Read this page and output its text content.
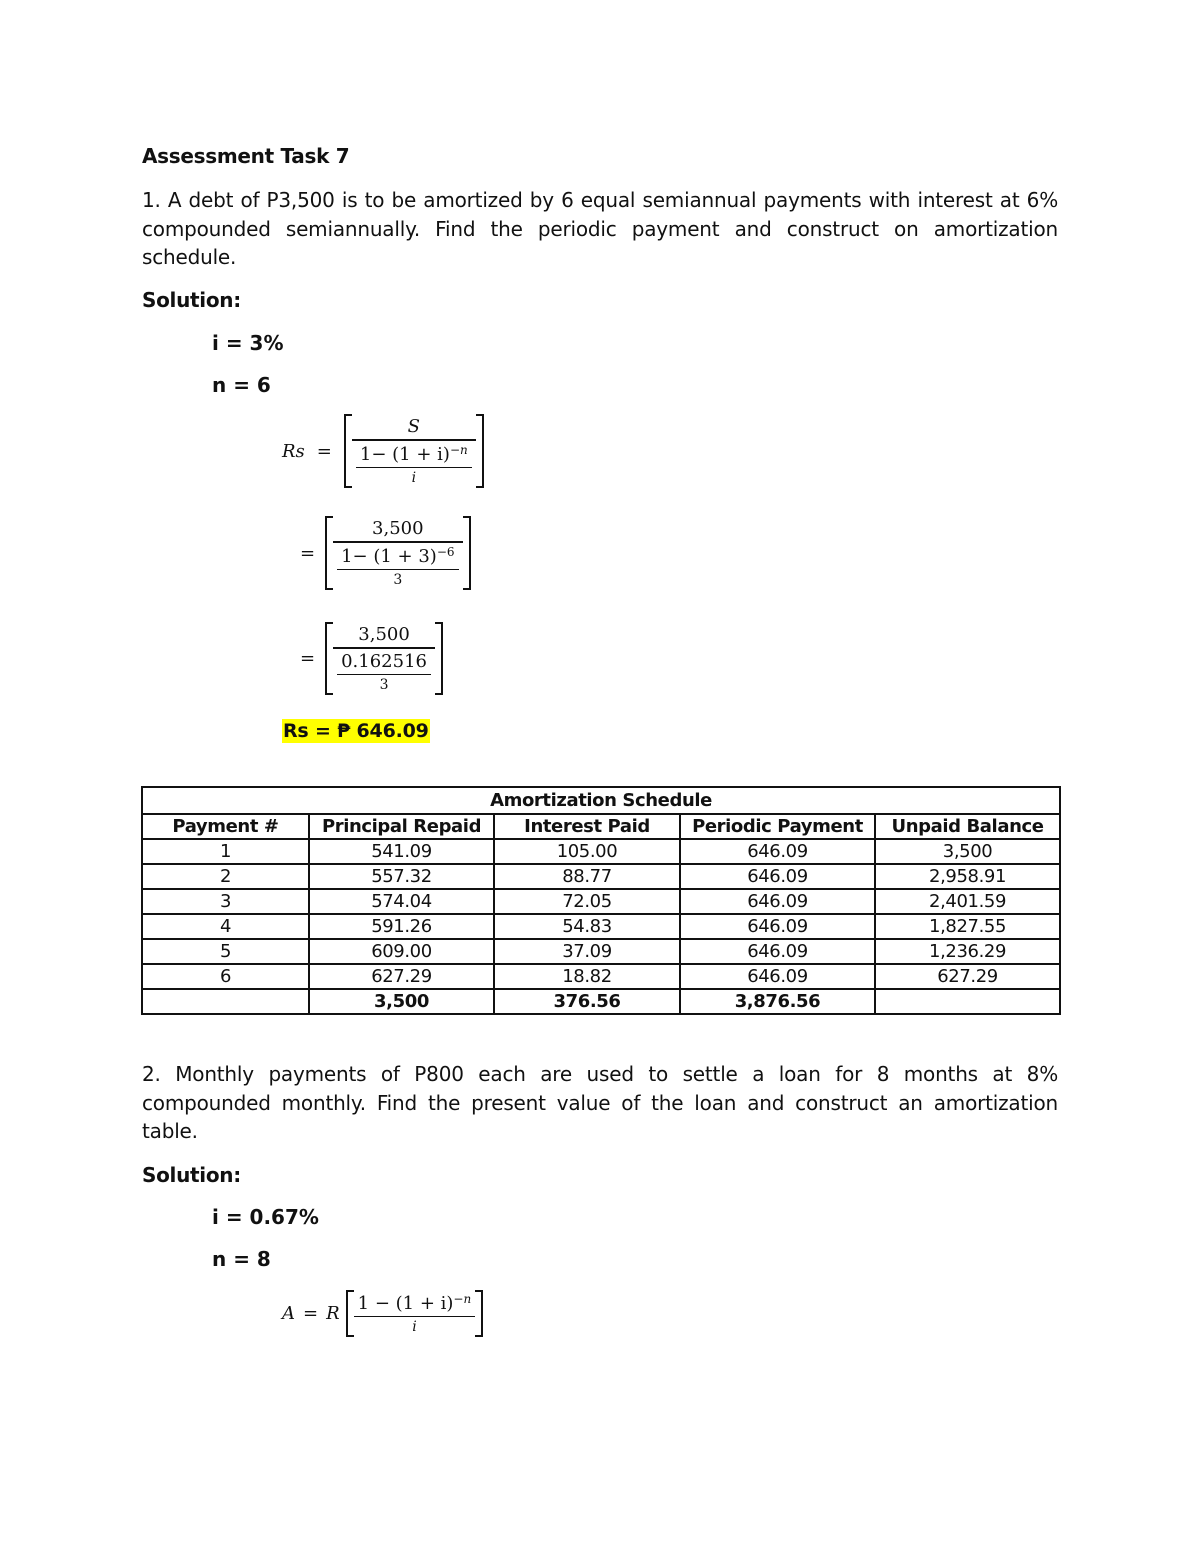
Assessment Task 7
1. A debt of P3,500 is to be amortized by 6 equal semiannual payments with interest at 6% compounded semiannually. Find the periodic payment and construct on amortization schedule.
Solution:
i = 3%
n = 6
$Rs = \frac{S}{\frac{1- (1 + i)^{-n}}{i}}$
= $\frac{3,500}{\frac{1- (1 + 3)^{-6}}{3}}$
= $\frac{3,500}{\frac{0.162516}{3}}$
Rs = ₱ 646.09
Amortization Schedule				
Payment #	Principal Repaid	Interest Paid	Periodic Payment	Unpaid Balance
1	541.09	105.00	646.09	3,500
2	557.32	88.77	646.09	2,958.91
3	574.04	72.05	646.09	2,401.59
4	591.26	54.83	646.09	1,827.55
5	609.00	37.09	646.09	1,236.29
6	627.29	18.82	646.09	627.29
	3,500	376.56	3,876.56	
2. Monthly payments of P800 each are used to settle a loan for 8 months at 8% compounded monthly. Find the present value of the loan and construct an amortization table.
Solution:
i = 0.67%
n = 8
A = R $\frac{1 - (1 + i)^{-n}}{i}$
